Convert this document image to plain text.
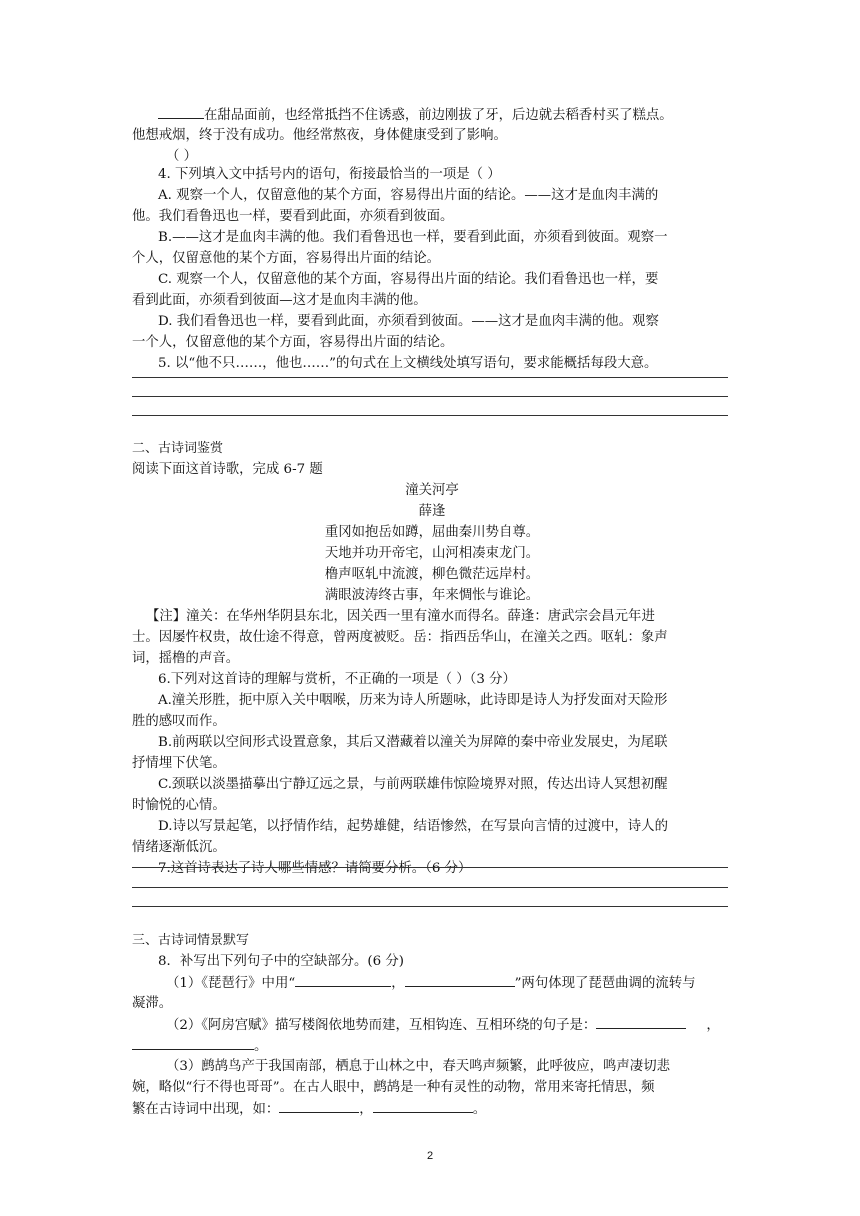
在甜品面前，也经常抵挡不住诱惑，前边刚拔了牙，后边就去稻香村买了糕点。
他想戒烟，终于没有成功。他经常熬夜，身体健康受到了影响。
（ ）
4. 下列填入文中括号内的语句，衔接最恰当的一项是（ ）
A. 观察一个人，仅留意他的某个方面，容易得出片面的结论。——这才是血肉丰满的
他。我们看鲁迅也一样，要看到此面，亦须看到彼面。
B.——这才是血肉丰满的他。我们看鲁迅也一样，要看到此面，亦须看到彼面。观察一
个人，仅留意他的某个方面，容易得出片面的结论。
C. 观察一个人，仅留意他的某个方面，容易得出片面的结论。我们看鲁迅也一样，要
看到此面，亦须看到彼面—这才是血肉丰满的他。
D. 我们看鲁迅也一样，要看到此面，亦须看到彼面。——这才是血肉丰满的他。观察
一个人，仅留意他的某个方面，容易得出片面的结论。
5. 以“他不只……，他也……”的句式在上文横线处填写语句，要求能概括每段大意。
二、古诗词鉴赏
阅读下面这首诗歌，完成 6-7 题
潼关河亭
薛逢
重冈如抱岳如蹲，屈曲秦川势自尊。
天地并功开帝宅，山河相凑束龙门。
橹声呕轧中流渡，柳色微茫远岸村。
满眼波涛终古事，年来惆怅与谁论。
【注】潼关：在华州华阴县东北，因关西一里有潼水而得名。薛逢：唐武宗会昌元年进
士。因屡忤权贵，故仕途不得意，曾两度被贬。岳：指西岳华山，在潼关之西。呕轧：象声
词，摇橹的声音。
6.下列对这首诗的理解与赏析，不正确的一项是（ ）（3 分）
A.潼关形胜，扼中原入关中咽喉，历来为诗人所题咏，此诗即是诗人为抒发面对天险形
胜的感叹而作。
B.前两联以空间形式设置意象，其后又潜藏着以潼关为屏障的秦中帝业发展史，为尾联
抒情埋下伏笔。
C.颈联以淡墨描摹出宁静辽远之景，与前两联雄伟惊险境界对照，传达出诗人冥想初醒
时愉悦的心情。
D.诗以写景起笔，以抒情作结，起势雄健，结语惨然，在写景向言情的过渡中，诗人的
情绪逐渐低沉。
7.这首诗表达了诗人哪些情感？请简要分析。（6 分）
三、古诗词情景默写
8．补写出下列句子中的空缺部分。(6 分)
（1）《琵琶行》中用“	，	”两句体现了琵琶曲调的流转与
凝滞。
（2）《阿房宫赋》描写楼阁依地势而建，互相钩连、互相环绕的句子是：	，
。
（3）鹧鸪鸟产于我国南部，栖息于山林之中，春天鸣声频繁，此呼彼应，鸣声凄切悲
婉，略似“行不得也哥哥”。在古人眼中，鹧鸪是一种有灵性的动物，常用来寄托情思，频
繁在古诗词中出现，如：	，	。
2
